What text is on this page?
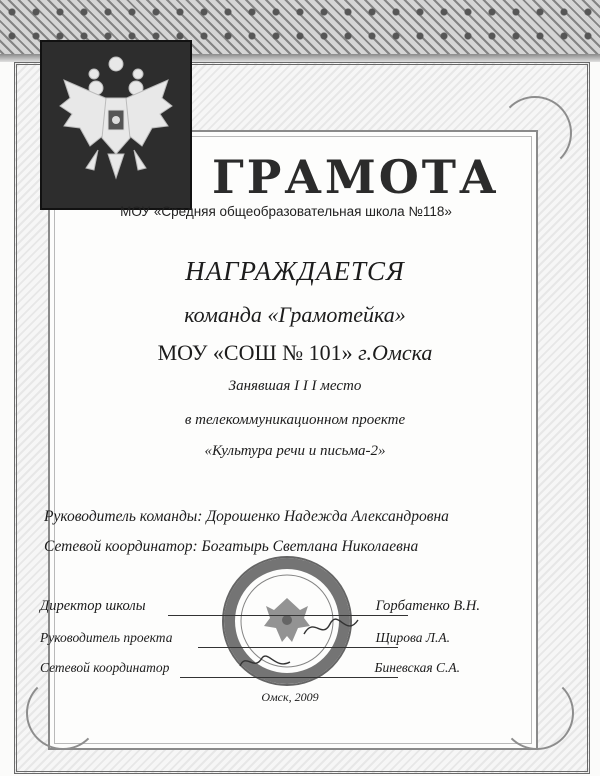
ГРАМОТА
МОУ «Средняя общеобразовательная школа №118»
НАГРАЖДАЕТСЯ
команда «Грамотейка»
МОУ «СОШ № 101» г.Омска
Занявшая I I I место
в телекоммуникационном проекте
«Культура речи и письма-2»
Руководитель команды: Дорошенко Надежда Александровна
Сетевой координатор: Богатырь Светлана Николаевна
Директор школы	Горбатенко В.Н.
Руководитель проекта	Щирова Л.А.
Сетевой координатор	Биневская С.А.
Омск, 2009
